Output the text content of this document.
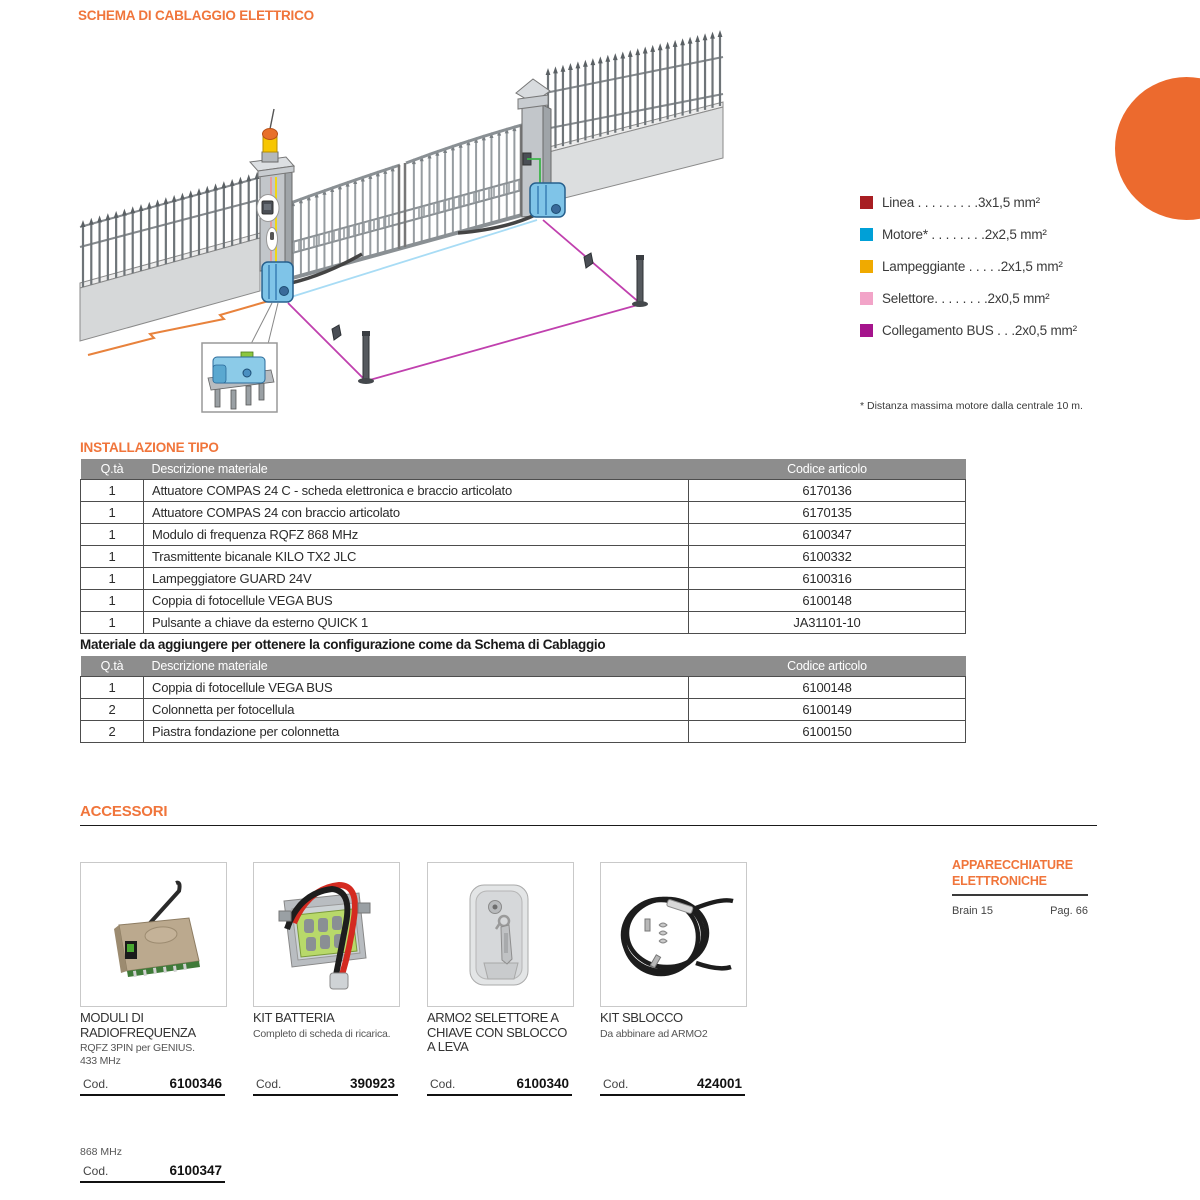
SCHEMA DI CABLAGGIO ELETTRICO
Linea . . . . . . . . .3x1,5 mm²
Motore* . . . . . . . .2x2,5 mm²
Lampeggiante . . . . .2x1,5 mm²
Selettore. . . . . . . .2x0,5 mm²
Collegamento BUS . . .2x0,5 mm²
* Distanza massima motore dalla centrale 10 m.
INSTALLAZIONE TIPO
Q.tà	Descrizione materiale	Codice articolo
1	Attuatore COMPAS 24 C - scheda elettronica e braccio articolato	6170136
1	Attuatore COMPAS 24 con braccio articolato	6170135
1	Modulo di frequenza RQFZ 868 MHz	6100347
1	Trasmittente bicanale KILO TX2 JLC	6100332
1	Lampeggiatore GUARD 24V	6100316
1	Coppia di fotocellule VEGA BUS	6100148
1	Pulsante a chiave da esterno QUICK 1	JA31101-10
Materiale da aggiungere per ottenere la configurazione come da Schema di Cablaggio
Q.tà	Descrizione materiale	Codice articolo
1	Coppia di fotocellule VEGA BUS	6100148
2	Colonnetta per fotocellula	6100149
2	Piastra fondazione per colonnetta	6100150
ACCESSORI
MODULI DI RADIOFREQUENZA
RQFZ 3PIN per GENIUS.
433 MHz
KIT BATTERIA
Completo di scheda di ricarica.
ARMO2 SELETTORE A CHIAVE CON SBLOCCO A LEVA
KIT SBLOCCO
Da abbinare ad ARMO2
Cod.	6100346	Cod.	390923	Cod.	6100340	Cod.	424001
APPARECCHIATURE ELETTRONICHE
Brain 15	Pag. 66
868 MHz
Cod.	6100347
